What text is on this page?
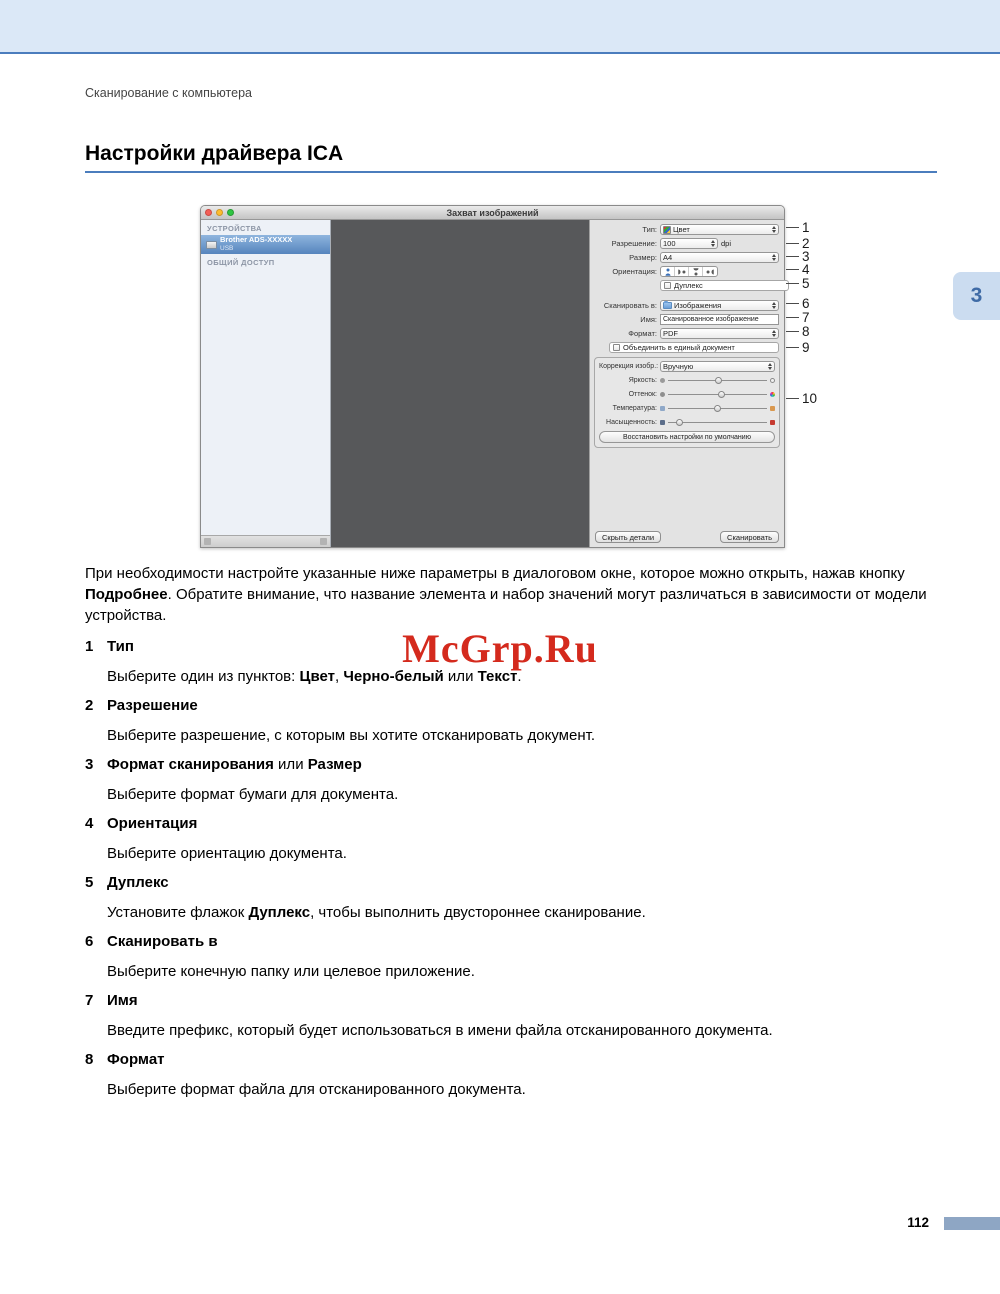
Сканирование с компьютера
Настройки драйвера ICA
3
Захват изображений
УСТРОЙСТВА
Brother ADS-XXXXX
USB
ОБЩИЙ ДОСТУП
Тип: Цвет
Разрешение: 100	dpi
Размер: A4
Ориентация:
Дуплекс
Сканировать в: Изображения
Имя: Сканированное изображение
Формат: PDF
Объединить в единый документ
Коррекция изобр.: Вручную
Яркость:
Оттенок:
Температура:
Насыщенность:
Восстановить настройки по умолчанию
Скрыть детали	Сканировать
1
2
3
4
5
6
7
8
9
10
При необходимости настройте указанные ниже параметры в диалоговом окне, которое можно открыть, нажав кнопку Подробнее. Обратите внимание, что название элемента и набор значений могут различаться в зависимости от модели устройства.
McGrp.Ru
1 Тип
Выберите один из пунктов: Цвет, Черно-белый или Текст.
2 Разрешение
Выберите разрешение, с которым вы хотите отсканировать документ.
3 Формат сканирования или Размер
Выберите формат бумаги для документа.
4 Ориентация
Выберите ориентацию документа.
5 Дуплекс
Установите флажок Дуплекс, чтобы выполнить двустороннее сканирование.
6 Сканировать в
Выберите конечную папку или целевое приложение.
7 Имя
Введите префикс, который будет использоваться в имени файла отсканированного документа.
8 Формат
Выберите формат файла для отсканированного документа.
112
